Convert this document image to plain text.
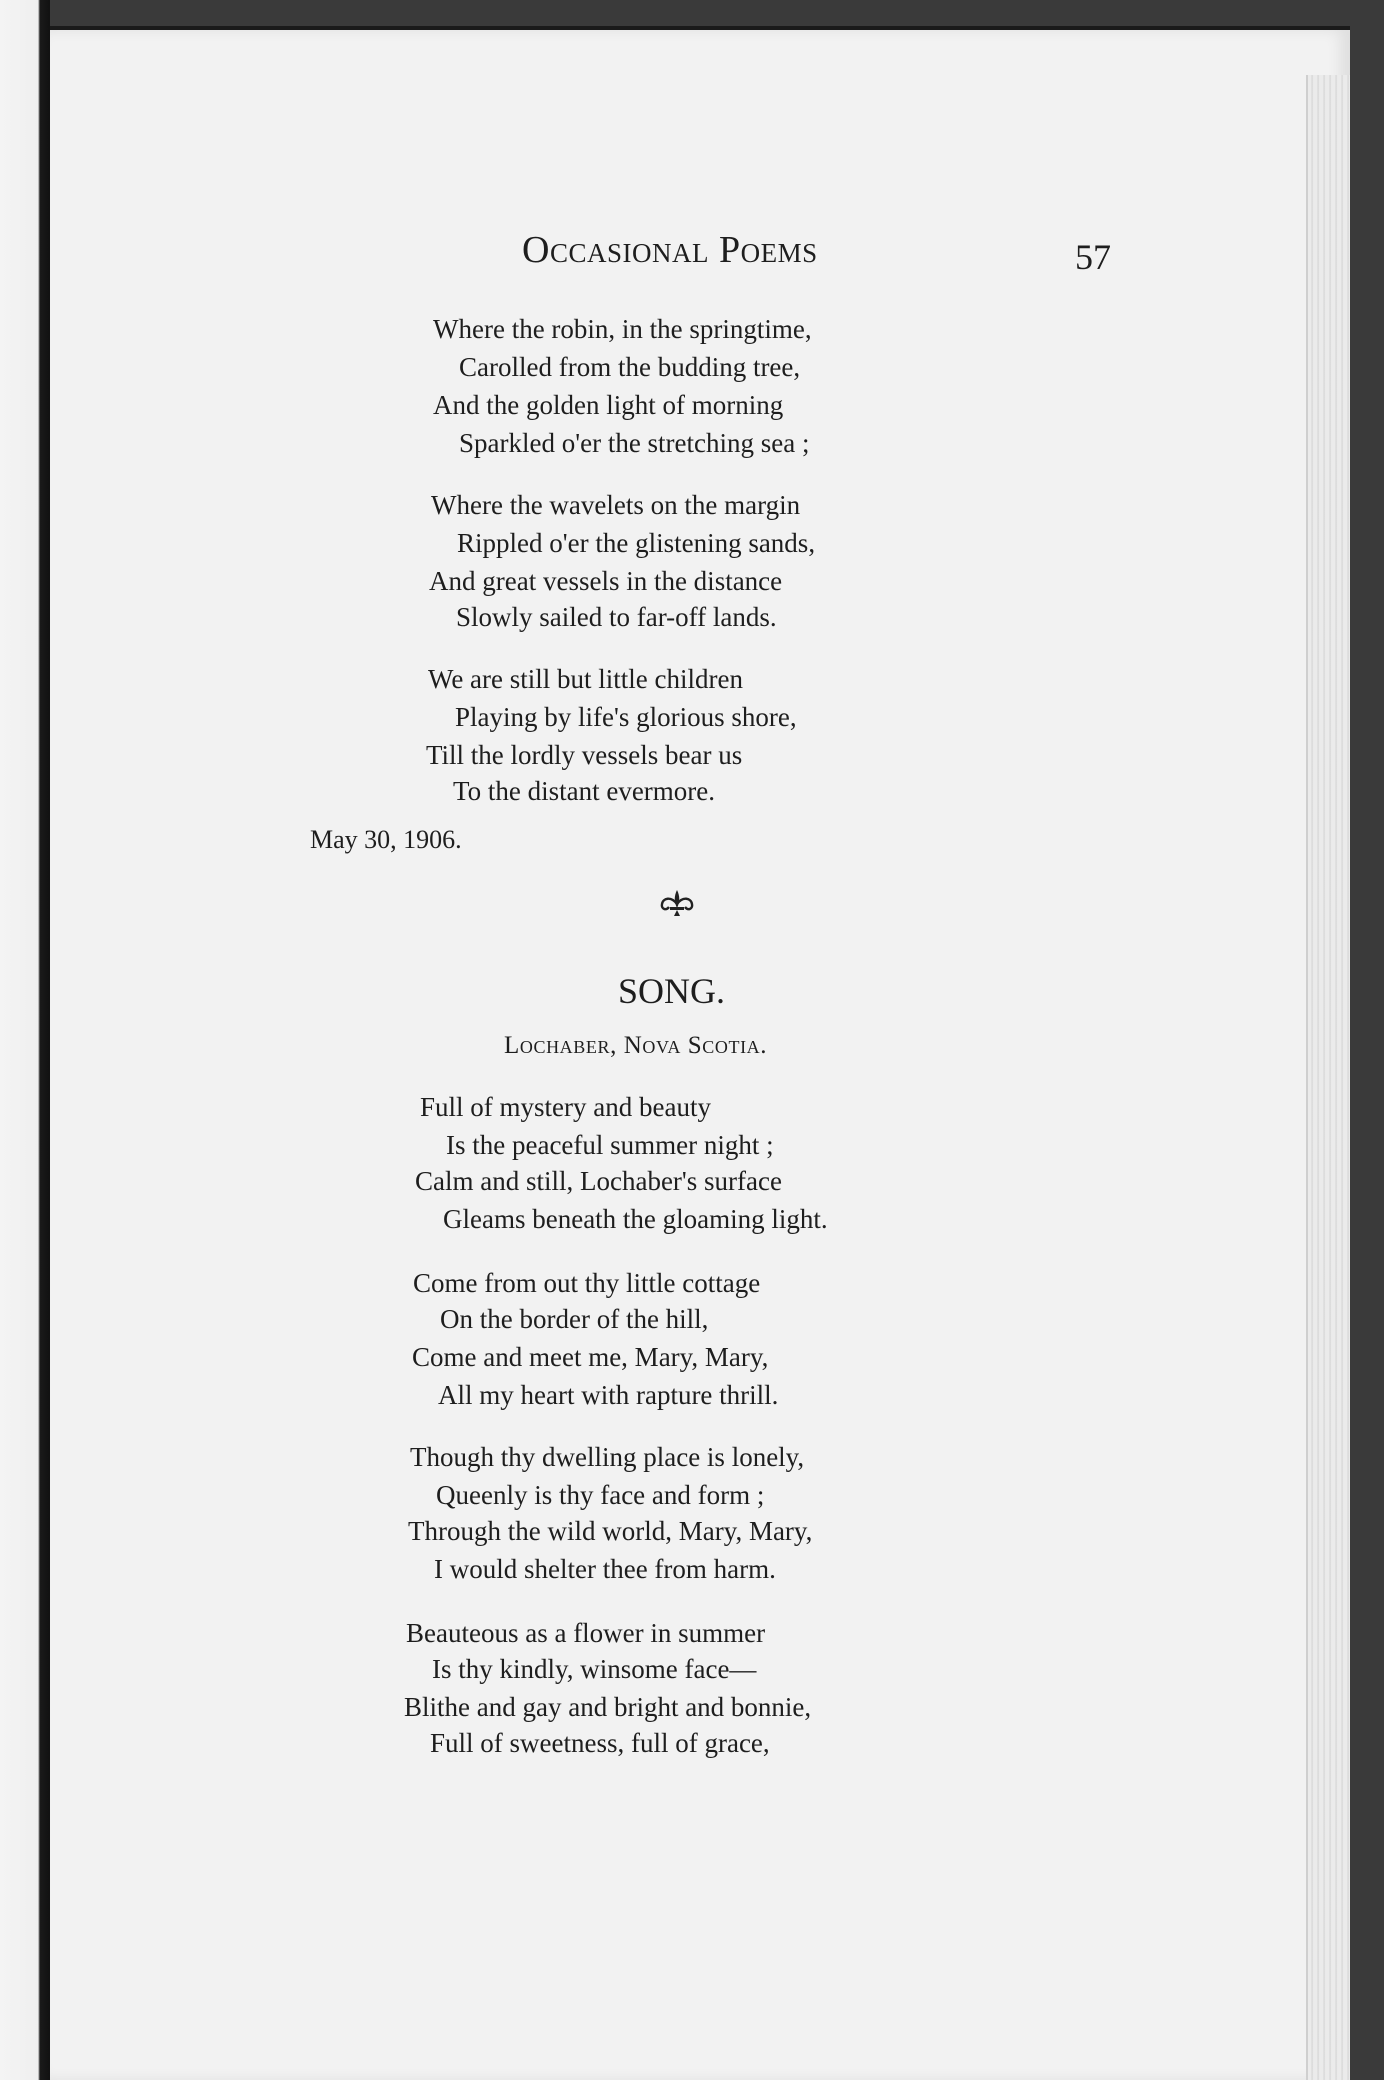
Occasional Poems	57
Where the robin, in the springtime,
Carolled from the budding tree,
And the golden light of morning
Sparkled o'er the stretching sea ;
Where the wavelets on the margin
Rippled o'er the glistening sands,
And great vessels in the distance
Slowly sailed to far-off lands.
We are still but little children
Playing by life's glorious shore,
Till the lordly vessels bear us
To the distant evermore.
May 30, 1906.
SONG.
Lochaber, Nova Scotia.
Full of mystery and beauty
Is the peaceful summer night ;
Calm and still, Lochaber's surface
Gleams beneath the gloaming light.
Come from out thy little cottage
On the border of the hill,
Come and meet me, Mary, Mary,
All my heart with rapture thrill.
Though thy dwelling place is lonely,
Queenly is thy face and form ;
Through the wild world, Mary, Mary,
I would shelter thee from harm.
Beauteous as a flower in summer
Is thy kindly, winsome face—
Blithe and gay and bright and bonnie,
Full of sweetness, full of grace,
